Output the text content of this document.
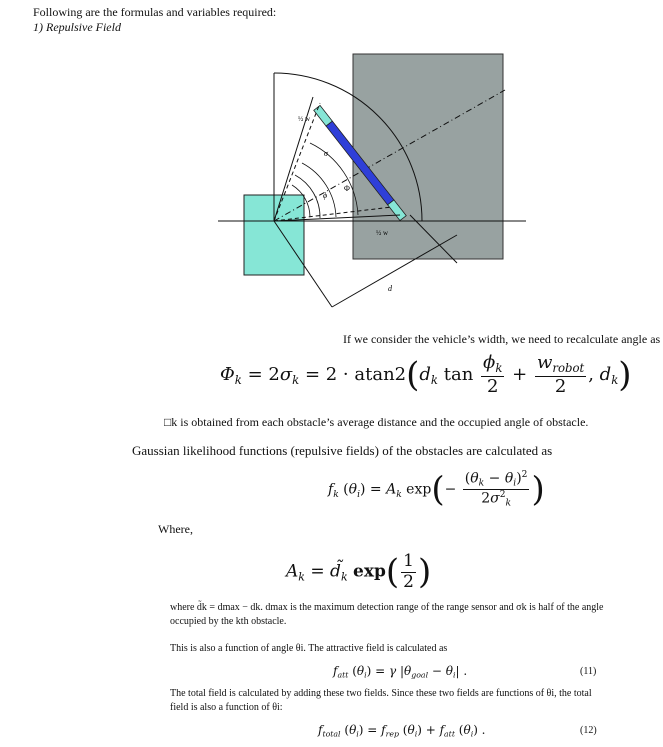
Following are the formulas and variables required:
1) Repulsive Field
½ w
σ
Φ
ϕ
½ w
d
If we consider the vehicle’s width, we need to recalculate angle as
$\Phi_k = 2\sigma_k = 2 \cdot atan2(d_k$ $\tan \frac{\phi_k}{2} + \frac{w_{robot}}{2}$ , $d_k$)
□k is obtained from each obstacle’s average distance and the occupied angle of obstacle.
Gaussian likelihood functions (repulsive fields) of the obstacles are calculated as
$f_k$ $(\theta_i) = A_k$ $\exp(- \frac{(\theta_k - \theta_i)^2}{2\sigma^2_k}$ )
Where,
$A_k$ = $d̃_k$ $\exp( \frac{1}{2}$ )
where d̃k = dmax − dk. dmax is the maximum detection range of the range sensor and σk is half of the angle
occupied by the kth obstacle.
This is also a function of angle θi. The attractive field is calculated as
$f_{att}$ $(\theta_i) = \gamma$ $|\theta_{goal} - \theta_i|$ .	(11)
The total field is calculated by adding these two fields. Since these two fields are functions of θi, the total
field is also a function of θi:
$f_{total}$ $(\theta_i) = f_{rep}$ $(\theta_i) + f_{att}$ $(\theta_i)$ .	(12)
